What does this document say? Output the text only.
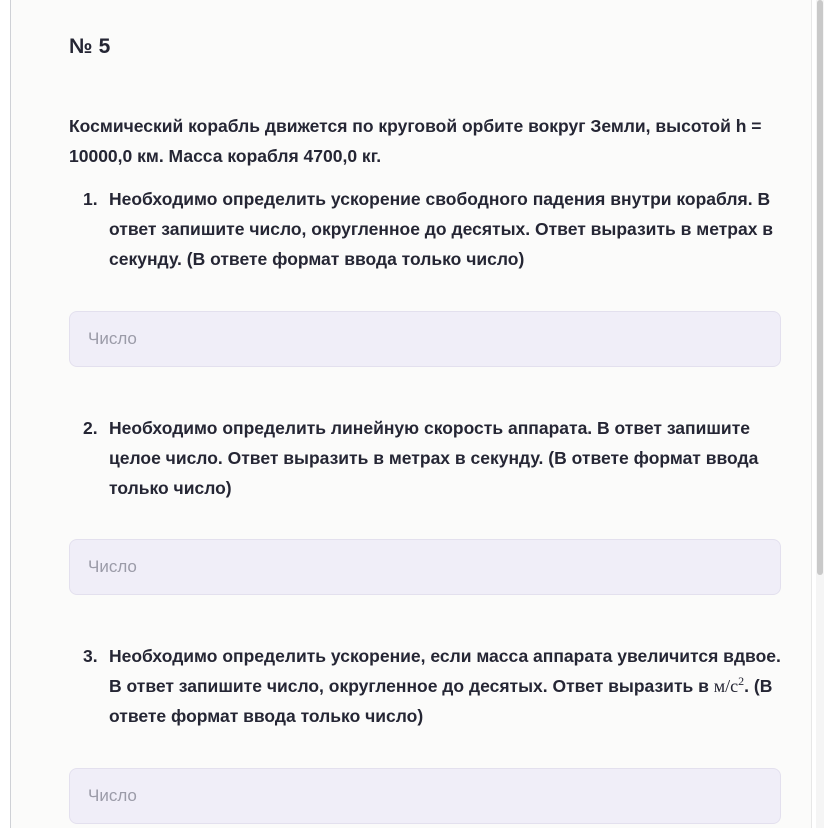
№ 5
Космический корабль движется по круговой орбите вокруг Земли, высотой h = 10000,0 км. Масса корабля 4700,0 кг.
1. Необходимо определить ускорение свободного падения внутри корабля. В ответ запишите число, округленное до десятых. Ответ выразить в метрах в секунду. (В ответе формат ввода только число)
Число
2. Необходимо определить линейную скорость аппарата. В ответ запишите целое число. Ответ выразить в метрах в секунду. (В ответе формат ввода только число)
Число
3. Необходимо определить ускорение, если масса аппарата увеличится вдвое. В ответ запишите число, округленное до десятых. Ответ выразить в $м/с^2$. (В ответе формат ввода только число)
Число
